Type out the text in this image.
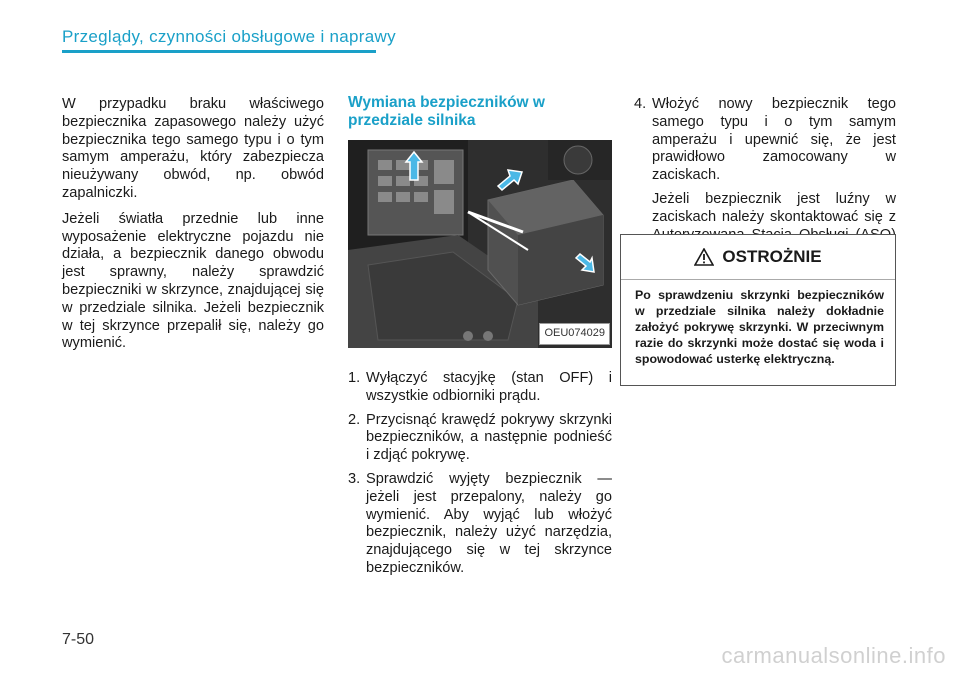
Przeglądy, czynności obsługowe i naprawy

W przypadku braku właściwego bezpiecznika zapasowego należy użyć bezpiecznika tego samego typu i o tym samym amperażu, który zabezpiecza nieużywany obwód, np. obwód zapalniczki.

Jeżeli światła przednie lub inne wyposażenie elektryczne pojazdu nie działa, a bezpiecznik danego obwodu jest sprawny, należy sprawdzić bezpieczniki w skrzynce, znajdującej się w przedziale silnika. Jeżeli bezpiecznik w tej skrzynce przepalił się, należy go wymienić.

Wymiana bezpieczników w przedziale silnika
OEU074029
1. Wyłączyć stacyjkę (stan OFF) i wszystkie odbiorniki prądu.
2. Przycisnąć krawędź pokrywy skrzynki bezpieczników, a następnie podnieść i zdjąć pokrywę.
3. Sprawdzić wyjęty bezpiecznik — jeżeli jest przepalony, należy go wymienić. Aby wyjąć lub włożyć bezpiecznik, należy użyć narzędzia, znajdującego się w tej skrzynce bezpieczników.
4. Włożyć nowy bezpiecznik tego samego typu i o tym samym amperażu i upewnić się, że jest prawidłowo zamocowany w zaciskach.
Jeżeli bezpiecznik jest luźny w zaciskach należy skontaktować się z
OSTROŻNIE
Po sprawdzeniu skrzynki bezpieczników w przedziale silnika należy dokładnie założyć pokrywę skrzynki. W przeciwnym razie do skrzynki może dostać się woda i spowodować usterkę elektryczną.
7-50
carmanualsonline.info
